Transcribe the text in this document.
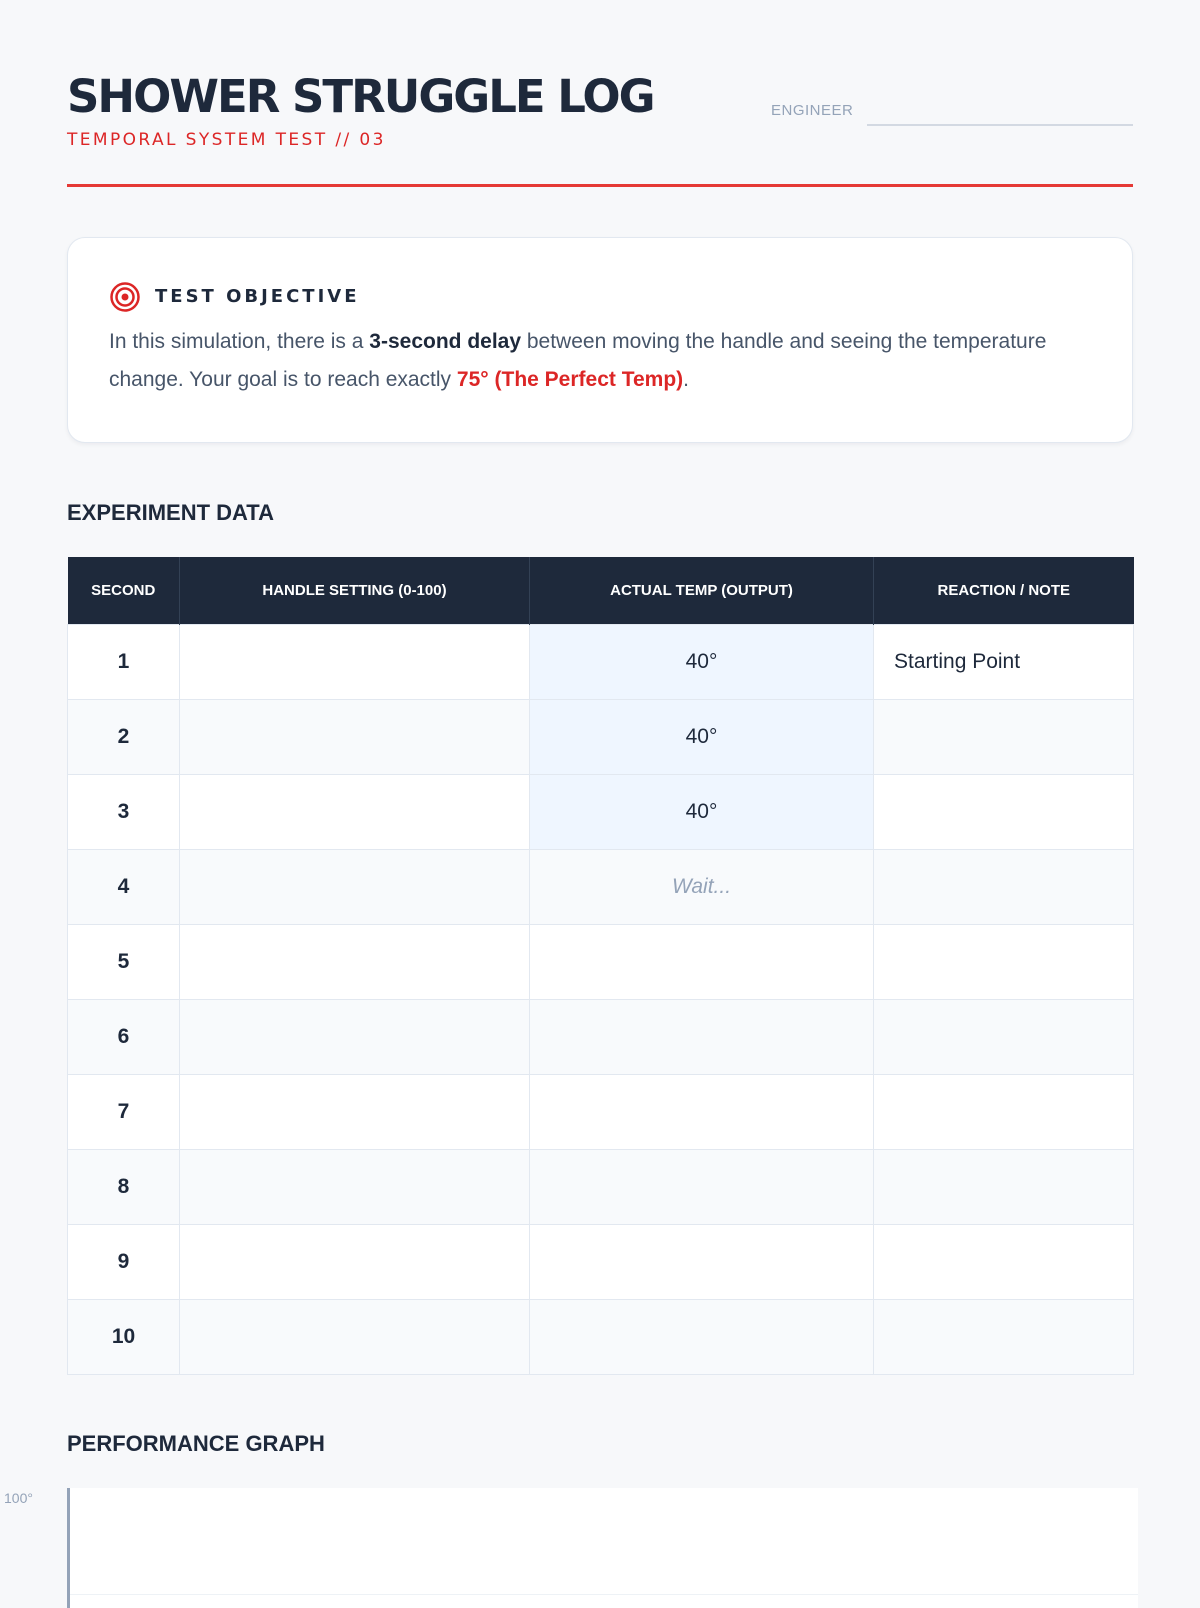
SHOWER STRUGGLE LOG
TEMPORAL SYSTEM TEST // 03
ENGINEER
TEST OBJECTIVE
In this simulation, there is a 3-second delay between moving the handle and seeing the temperature change. Your goal is to reach exactly 75° (The Perfect Temp).
EXPERIMENT DATA
SECOND	HANDLE SETTING (0-100)	ACTUAL TEMP (OUTPUT)	REACTION / NOTE
1		40°	Starting Point
2		40°	
3		40°	
4		Wait...	
5			
6			
7			
8			
9			
10			
PERFORMANCE GRAPH
100°
